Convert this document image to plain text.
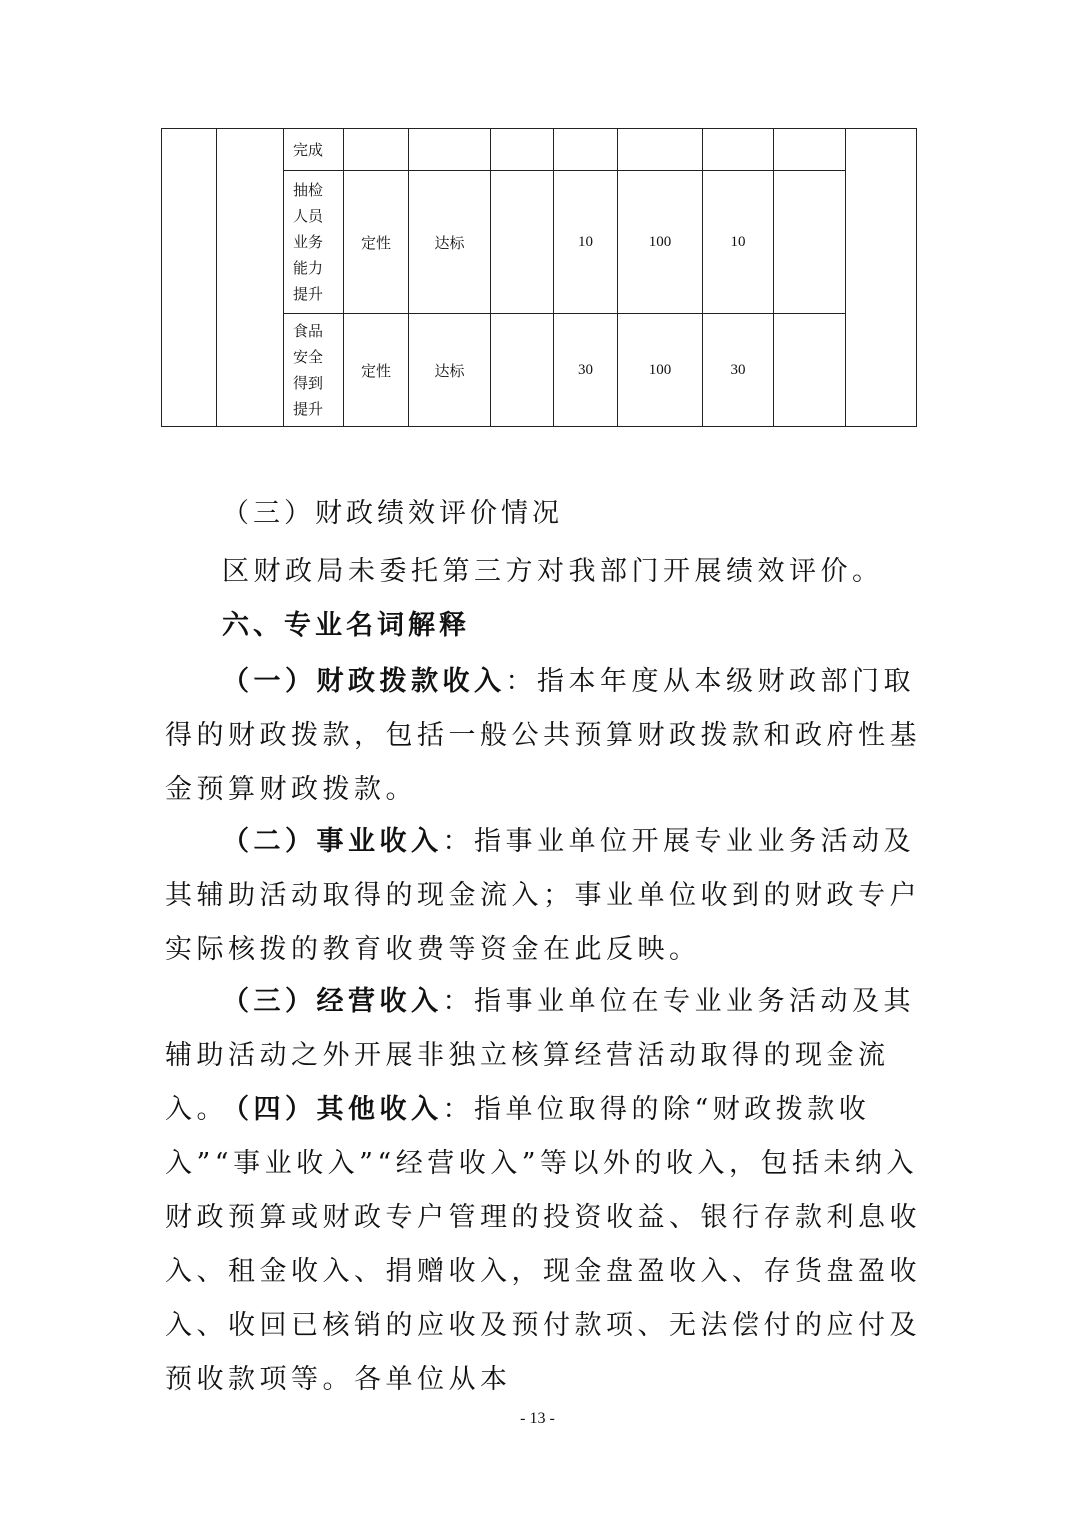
		完成								
		抽检
人员
业务
能力
提升	定性	达标		10	100	10		
		食品
安全
得到
提升	定性	达标		30	100	30		
（三）财政绩效评价情况
区财政局未委托第三方对我部门开展绩效评价。
六、专业名词解释
（一）财政拨款收入：指本年度从本级财政部门取得的财政拨款，包括一般公共预算财政拨款和政府性基金预算财政拨款。
（二）事业收入：指事业单位开展专业业务活动及其辅助活动取得的现金流入；事业单位收到的财政专户实际核拨的教育收费等资金在此反映。
（三）经营收入：指事业单位在专业业务活动及其辅助活动之外开展非独立核算经营活动取得的现金流入。
（四）其他收入：指单位取得的除“财政拨款收入”“事业收入”“经营收入”等以外的收入，包括未纳入财政预算或财政专户管理的投资收益、银行存款利息收入、租金收入、捐赠收入，现金盘盈收入、存货盘盈收入、收回已核销的应收及预付款项、无法偿付的应付及预收款项等。各单位从本
- 13 -
